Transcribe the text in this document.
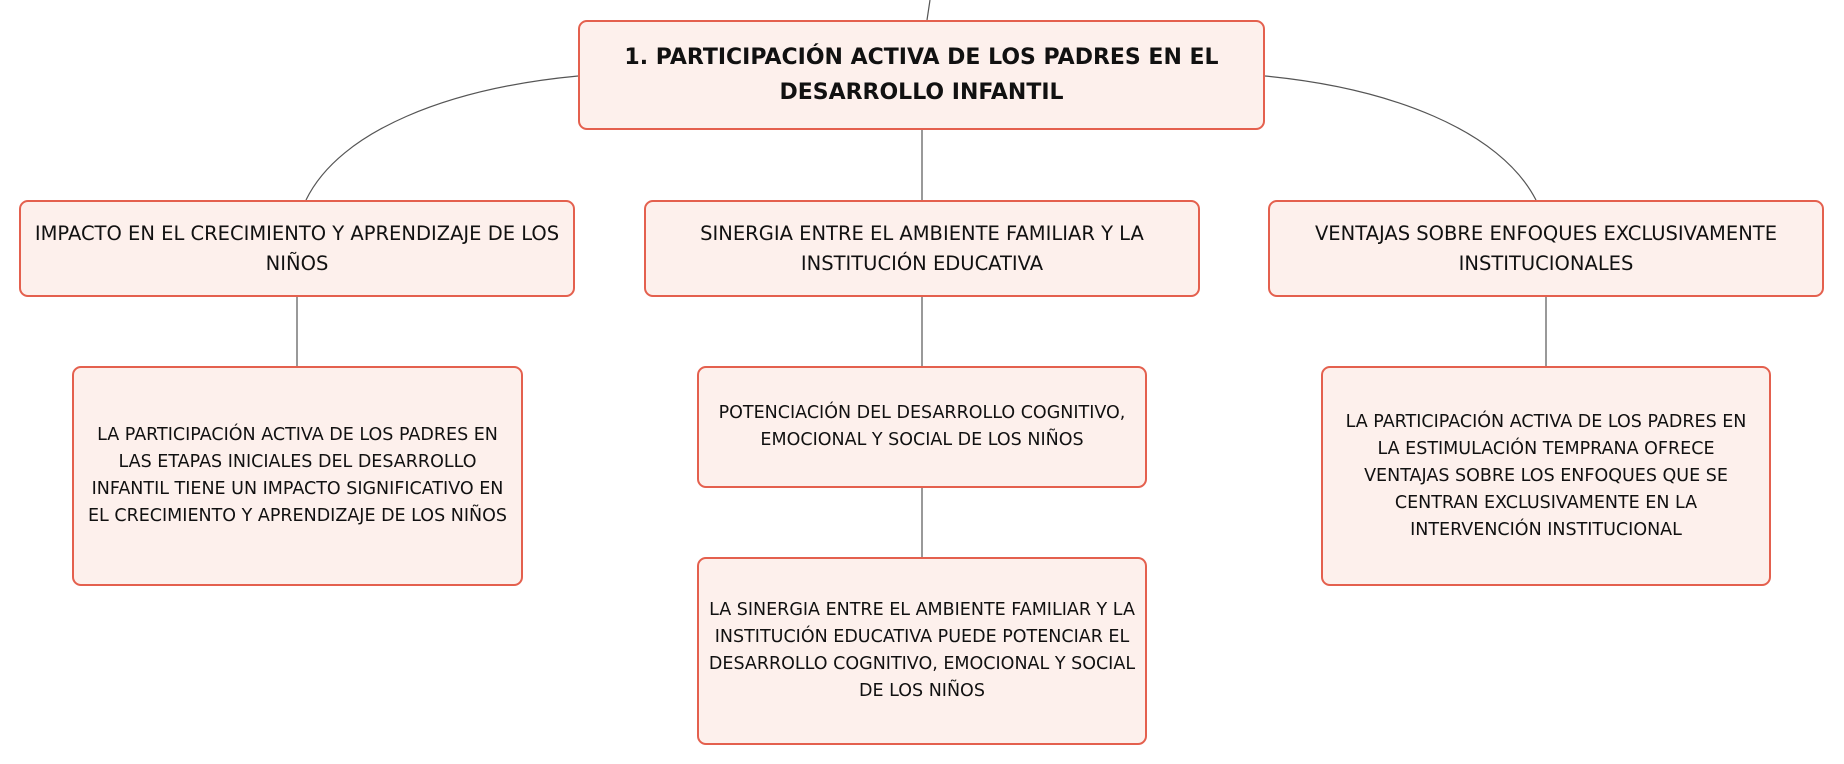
1. PARTICIPACIÓN ACTIVA DE LOS PADRES EN EL DESARROLLO INFANTIL
IMPACTO EN EL CRECIMIENTO Y APRENDIZAJE DE LOS NIÑOS
SINERGIA ENTRE EL AMBIENTE FAMILIAR Y LA INSTITUCIÓN EDUCATIVA
VENTAJAS SOBRE ENFOQUES EXCLUSIVAMENTE INSTITUCIONALES
LA PARTICIPACIÓN ACTIVA DE LOS PADRES EN LAS ETAPAS INICIALES DEL DESARROLLO INFANTIL TIENE UN IMPACTO SIGNIFICATIVO EN EL CRECIMIENTO Y APRENDIZAJE DE LOS NIÑOS
POTENCIACIÓN DEL DESARROLLO COGNITIVO, EMOCIONAL Y SOCIAL DE LOS NIÑOS
LA SINERGIA ENTRE EL AMBIENTE FAMILIAR Y LA INSTITUCIÓN EDUCATIVA PUEDE POTENCIAR EL DESARROLLO COGNITIVO, EMOCIONAL Y SOCIAL DE LOS NIÑOS
LA PARTICIPACIÓN ACTIVA DE LOS PADRES EN LA ESTIMULACIÓN TEMPRANA OFRECE VENTAJAS SOBRE LOS ENFOQUES QUE SE CENTRAN EXCLUSIVAMENTE EN LA INTERVENCIÓN INSTITUCIONAL
